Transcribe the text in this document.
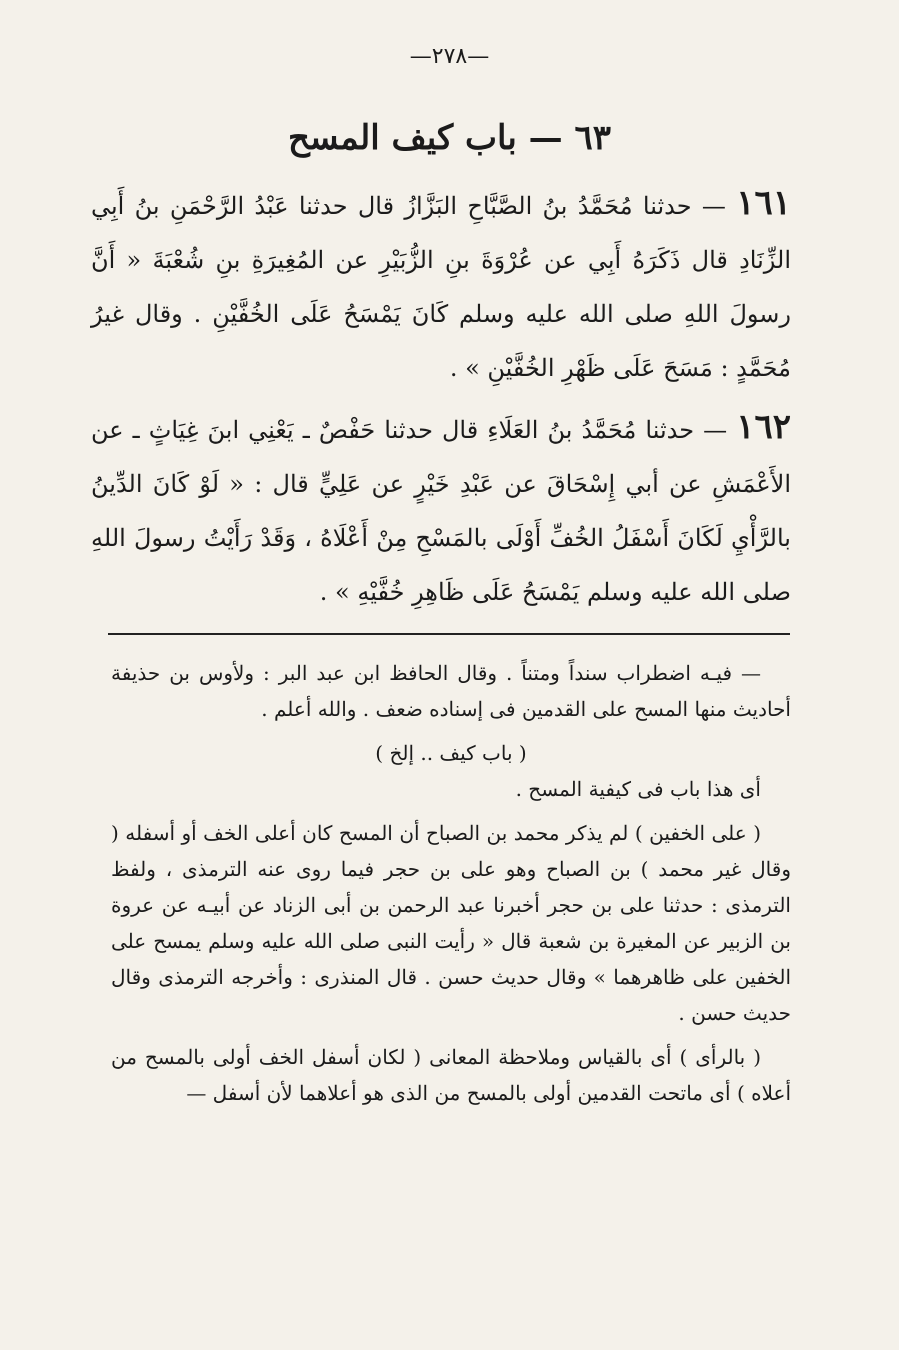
—٢٧٨—
٦٣ — باب كيف المسح
١٦١ — حدثنا مُحَمَّدُ بنُ الصَّبَّاحِ البَزَّازُ قال حدثنا عَبْدُ الرَّحْمَنِ بنُ أَبِي الزِّنَادِ قال ذَكَرَهُ أَبِي عن عُرْوَةَ بنِ الزُّبَيْرِ عن المُغِيرَةِ بنِ شُعْبَةَ « أَنَّ رسولَ اللهِ صلى الله عليه وسلم كَانَ يَمْسَحُ عَلَى الخُفَّيْنِ . وقال غيرُ مُحَمَّدٍ : مَسَحَ عَلَى ظَهْرِ الخُفَّيْنِ » .
١٦٢ — حدثنا مُحَمَّدُ بنُ العَلَاءِ قال حدثنا حَفْصٌ ـ يَعْنِي ابنَ غِيَاثٍ ـ عن الأَعْمَشِ عن أبي إِسْحَاقَ عن عَبْدِ خَيْرٍ عن عَلِيٍّ قال : « لَوْ كَانَ الدِّينُ بالرَّأْيِ لَكَانَ أَسْفَلُ الخُفِّ أَوْلَى بالمَسْحِ مِنْ أَعْلَاهُ ، وَقَدْ رَأَيْتُ رسولَ اللهِ صلى الله عليه وسلم يَمْسَحُ عَلَى ظَاهِرِ خُفَّيْهِ » .

— فيـه اضطراب سنداً ومتناً . وقال الحافظ ابن عبد البر : ولأوس بن حذيفة أحاديث منها المسح على القدمين فى إسناده ضعف . والله أعلم .

( باب كيف .. إلخ )

أى هذا باب فى كيفية المسح .

( على الخفين ) لم يذكر محمد بن الصباح أن المسح كان أعلى الخف أو أسفله ( وقال غير محمد ) بن الصباح وهو على بن حجر فيما روى عنه الترمذى ، ولفظ الترمذى : حدثنا على بن حجر أخبرنا عبد الرحمن بن أبى الزناد عن أبيـه عن عروة بن الزبير عن المغيرة بن شعبة قال « رأيت النبى صلى الله عليه وسلم يمسح على الخفين على ظاهرهما » وقال حديث حسن . قال المنذرى : وأخرجه الترمذى وقال حديث حسن .

( بالرأى ) أى بالقياس وملاحظة المعانى ( لكان أسفل الخف أولى بالمسح من أعلاه ) أى ماتحت القدمين أولى بالمسح من الذى هو أعلاهما لأن أسفل —
